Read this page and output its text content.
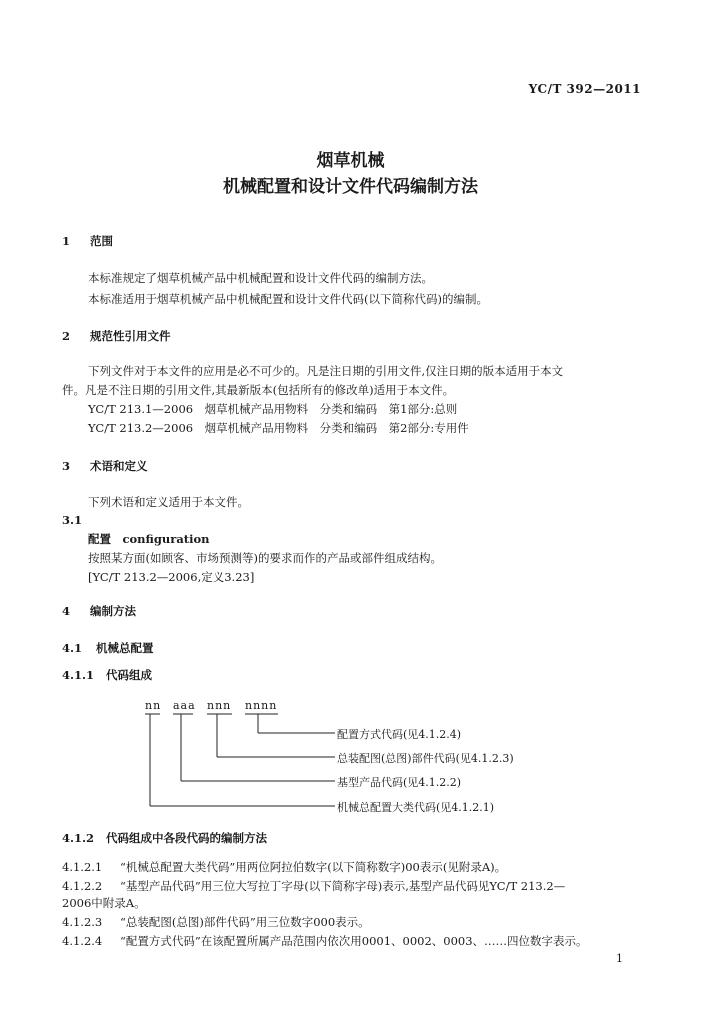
YC/T 392—2011
烟草机械
机械配置和设计文件代码编制方法
1 范围
本标准规定了烟草机械产品中机械配置和设计文件代码的编制方法。
本标准适用于烟草机械产品中机械配置和设计文件代码(以下简称代码)的编制。
2 规范性引用文件
下列文件对于本文件的应用是必不可少的。凡是注日期的引用文件,仅注日期的版本适用于本文
件。凡是不注日期的引用文件,其最新版本(包括所有的修改单)适用于本文件。
YC/T 213.1—2006　烟草机械产品用物料　分类和编码　第1部分:总则
YC/T 213.2—2006　烟草机械产品用物料　分类和编码　第2部分:专用件
3 术语和定义
下列术语和定义适用于本文件。
3.1
配置　configuration
按照某方面(如顾客、市场预测等)的要求而作的产品或部件组成结构。
[YC/T 213.2—2006,定义3.23]
4 编制方法
4.1 机械总配置
4.1.1 代码组成
nn aaa nnn nnnn
配置方式代码(见4.1.2.4)
总装配图(总图)部件代码(见4.1.2.3)
基型产品代码(见4.1.2.2)
机械总配置大类代码(见4.1.2.1)
4.1.2 代码组成中各段代码的编制方法
4.1.2.1 “机械总配置大类代码”用两位阿拉伯数字(以下简称数字)00表示(见附录A)。
4.1.2.2 “基型产品代码”用三位大写拉丁字母(以下简称字母)表示,基型产品代码见YC/T 213.2—
2006中附录A。
4.1.2.3 “总装配图(总图)部件代码”用三位数字000表示。
4.1.2.4 “配置方式代码”在该配置所属产品范围内依次用0001、0002、0003、……四位数字表示。
1
